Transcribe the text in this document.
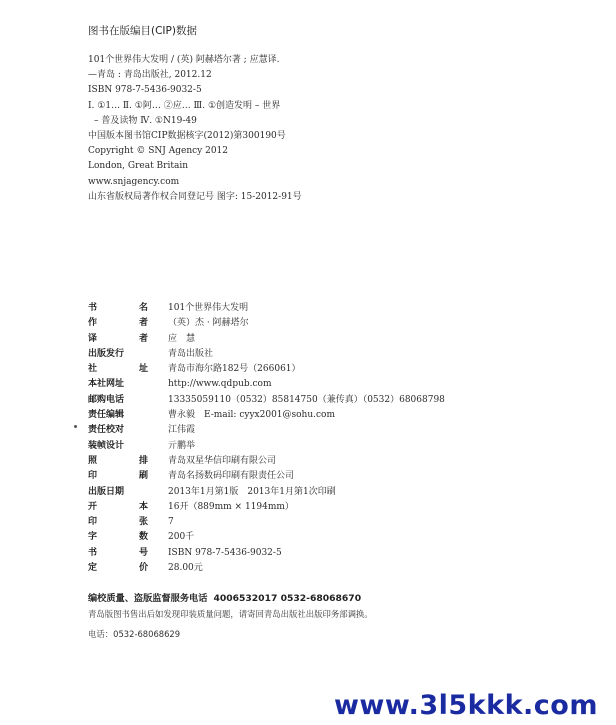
图书在版编目(CIP)数据
101个世界伟大发明 / (英) 阿赫塔尔著 ; 应慧译.
—青岛 : 青岛出版社, 2012.12
ISBN 978-7-5436-9032-5
Ⅰ. ①1… Ⅱ. ①阿… ②应… Ⅲ. ①创造发明 – 世界
– 普及读物 Ⅳ. ①N19-49
中国版本图书馆CIP数据核字(2012)第300190号
Copyright © SNJ Agency 2012
London, Great Britain
www.snjagency.com
山东省版权局著作权合同登记号 图字: 15-2012-91号
书	名	101个世界伟大发明
作	者	（英）杰 · 阿赫塔尔
译	者	应　慧
出版发行	青岛出版社
社	址	青岛市海尔路182号（266061）
本社网址	http://www.qdpub.com
邮购电话	13335059110（0532）85814750（兼传真）（0532）68068798
责任编辑	曹永毅　E-mail: cyyx2001@sohu.com
责任校对	江伟霞
装帧设计	亓鹏举
照	排	青岛双星华信印刷有限公司
印	刷	青岛名扬数码印刷有限责任公司
出版日期	2013年1月第1版　2013年1月第1次印刷
开	本	16开（889mm × 1194mm）
印	张	7
字	数	200千
书	号	ISBN 978-7-5436-9032-5
定	价	28.00元
编校质量、盗版监督服务电话 4006532017 0532-68068670
青岛版图书售出后如发现印装质量问题，请寄回青岛出版社出版印务部调换。
电话：0532-68068629
www.3l5kkk.com
